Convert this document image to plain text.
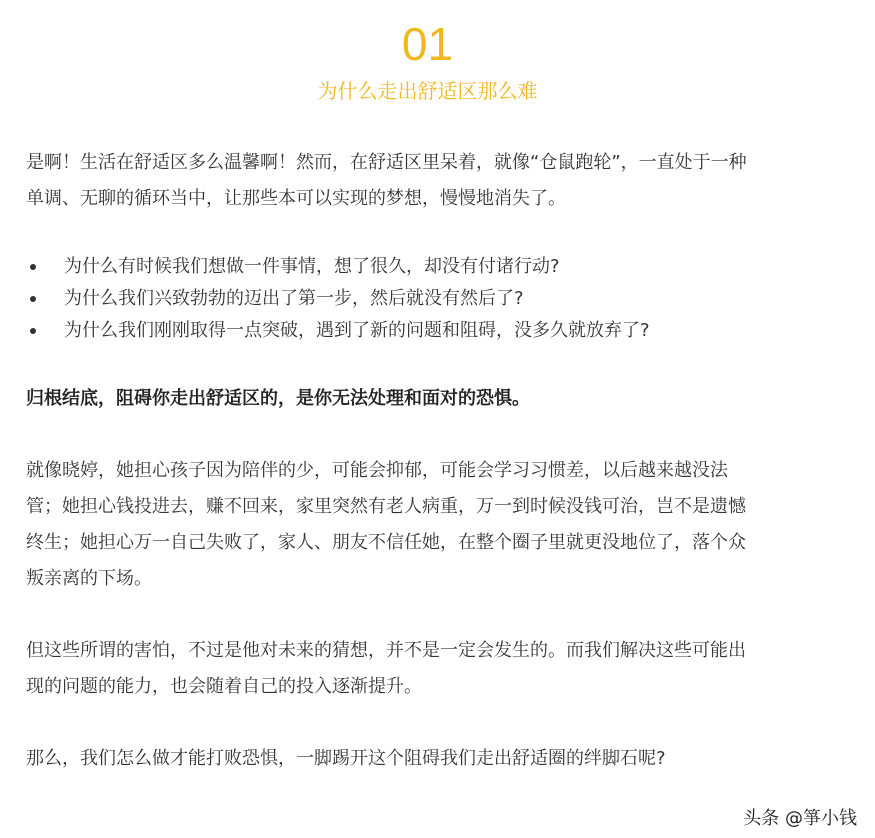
01
为什么走出舒适区那么难

是啊！生活在舒适区多么温馨啊！然而，在舒适区里呆着，就像“仓鼠跑轮”，一直处于一种

单调、无聊的循环当中，让那些本可以实现的梦想，慢慢地消失了。

为什么有时候我们想做一件事情，想了很久，却没有付诸行动?
为什么我们兴致勃勃的迈出了第一步，然后就没有然后了?
为什么我们刚刚取得一点突破，遇到了新的问题和阻碍，没多久就放弃了?

归根结底，阻碍你走出舒适区的，是你无法处理和面对的恐惧。

就像晓婷，她担心孩子因为陪伴的少，可能会抑郁，可能会学习习惯差，以后越来越没法

管；她担心钱投进去，赚不回来，家里突然有老人病重，万一到时候没钱可治，岂不是遗憾

终生；她担心万一自己失败了，家人、朋友不信任她，在整个圈子里就更没地位了，落个众

叛亲离的下场。

但这些所谓的害怕，不过是他对未来的猜想，并不是一定会发生的。而我们解决这些可能出

现的问题的能力，也会随着自己的投入逐渐提升。

那么，我们怎么做才能打败恐惧，一脚踢开这个阻碍我们走出舒适圈的绊脚石呢?

头条 @箏小钱
